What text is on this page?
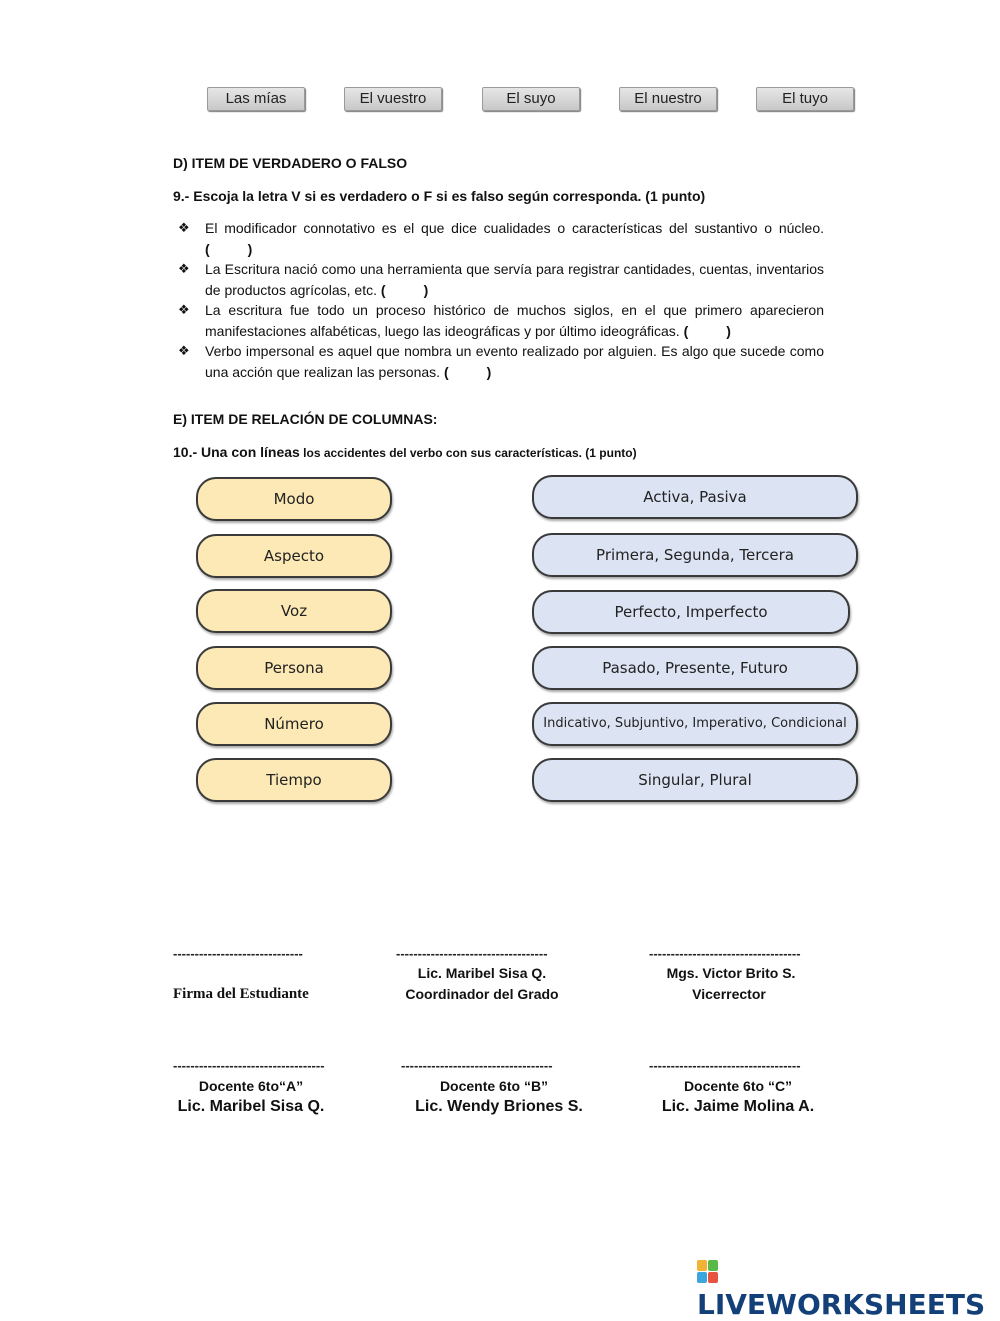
Las mías	El vuestro	El suyo	El nuestro	El tuyo
D) ITEM DE VERDADERO O FALSO
9.- Escoja la letra V si es verdadero o F si es falso según corresponda. (1 punto)
❖ El modificador connotativo es el que dice cualidades o características del sustantivo o núcleo. (	)
❖ La Escritura nació como una herramienta que servía para registrar cantidades, cuentas, inventarios de productos agrícolas, etc. (	)
❖ La escritura fue todo un proceso histórico de muchos siglos, en el que primero aparecieron manifestaciones alfabéticas, luego las ideográficas y por último ideográficas. (	)
❖ Verbo impersonal es aquel que nombra un evento realizado por alguien. Es algo que sucede como una acción que realizan las personas. (	)
E) ITEM DE RELACIÓN DE COLUMNAS:
10.- Una con líneas los accidentes del verbo con sus características. (1 punto)
Modo
Aspecto
Voz
Persona
Número
Tiempo
Activa, Pasiva
Primera, Segunda, Tercera
Perfecto, Imperfecto
Pasado, Presente, Futuro
Indicativo, Subjuntivo, Imperativo, Condicional
Singular, Plural
------------------------------	-----------------------------------	-----------------------------------
Firma del Estudiante
Lic. Maribel Sisa Q.
Coordinador del Grado
Mgs. Victor Brito S.
Vicerrector
-----------------------------------	-----------------------------------	-----------------------------------
Docente 6to“A”
Lic. Maribel Sisa Q.
Docente 6to “B”
Lic. Wendy Briones S.
Docente 6to “C”
Lic. Jaime Molina A.
LIVEWORKSHEETS
